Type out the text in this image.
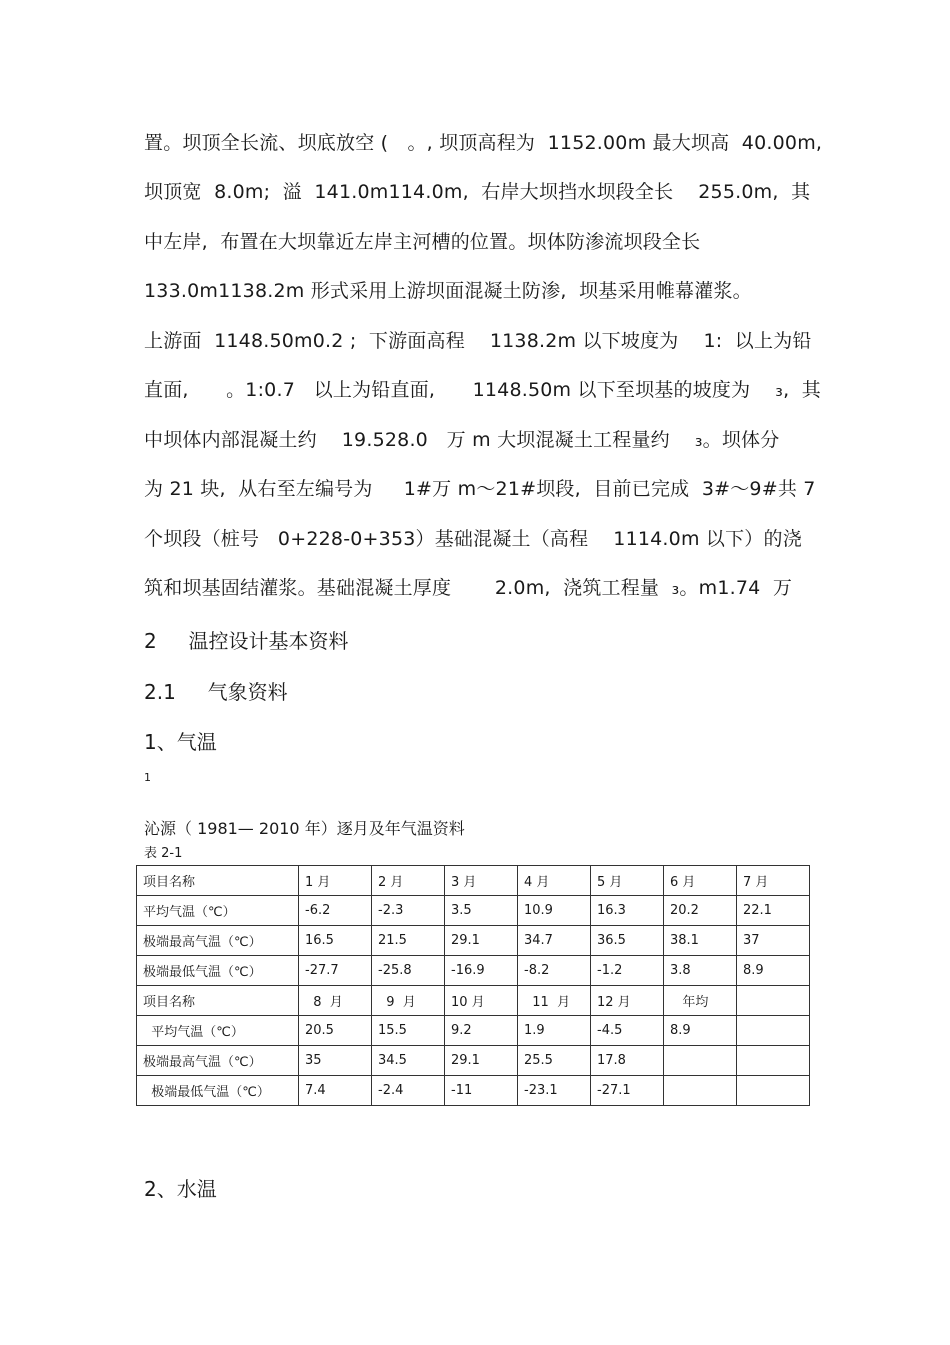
置。坝顶全长流、坝底放空 (　。, 坝顶高程为  1152.00m 最大坝高  40.00m,
坝顶宽  8.0m;  溢  141.0m114.0m,  右岸大坝挡水坝段全长    255.0m,  其
中左岸,  布置在大坝靠近左岸主河槽的位置。坝体防渗流坝段全长
133.0m1138.2m 形式采用上游坝面混凝土防渗,  坝基采用帷幕灌浆。
上游面  1148.50m0.2 ;  下游面高程    1138.2m 以下坡度为    1:  以上为铅
直面,      。1:0.7   以上为铅直面,      1148.50m 以下至坝基的坡度为    ₃,  其
中坝体内部混凝土约    19.528.0   万 m 大坝混凝土工程量约    ₃。坝体分
为 21 块,  从右至左编号为     1#万 m～21#坝段,  目前已完成  3#～9#共 7
个坝段（桩号   0+228-0+353）基础混凝土（高程    1114.0m 以下）的浇
筑和坝基固结灌浆。基础混凝土厚度       2.0m,  浇筑工程量  ₃。m1.74  万
2     温控设计基本资料
2.1     气象资料
1、气温
1
沁源（ 1981— 2010 年）逐月及年气温资料
表 2-1
项目名称	1 月	2 月	3 月	4 月	5 月	6 月	7 月
平均气温（℃）	-6.2	-2.3	3.5	10.9	16.3	20.2	22.1
极端最高气温（℃）	16.5	21.5	29.1	34.7	36.5	38.1	37
极端最低气温（℃）	-27.7	-25.8	-16.9	-8.2	-1.2	3.8	8.9
项目名称	8  月	9  月	10 月	11  月	12 月	年均	
平均气温（℃）	20.5	15.5	9.2	1.9	-4.5	8.9	
极端最高气温（℃）	35	34.5	29.1	25.5	17.8		
极端最低气温（℃）	7.4	-2.4	-11	-23.1	-27.1		
2、水温
